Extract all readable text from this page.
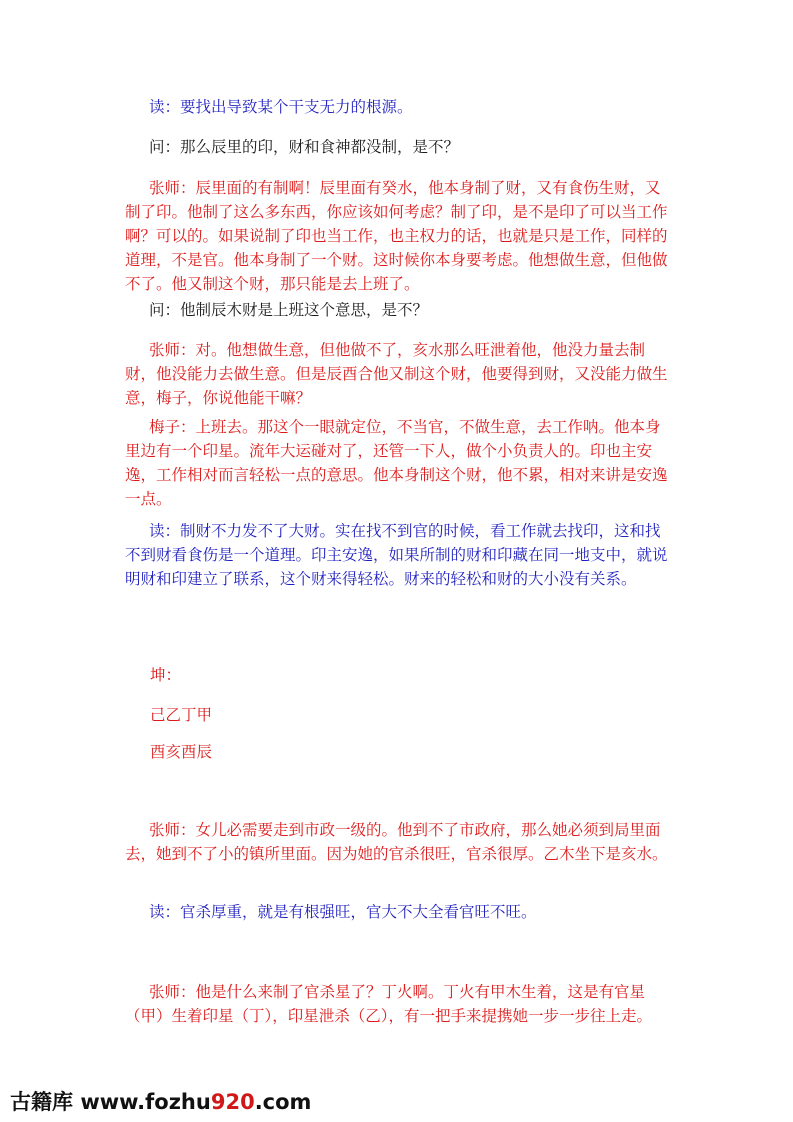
读：要找出导致某个干支无力的根源。

问：那么辰里的印，财和食神都没制，是不？

张师：辰里面的有制啊！辰里面有癸水，他本身制了财，又有食伤生财，又制了印。他制了这么多东西，你应该如何考虑？制了印，是不是印了可以当工作啊？可以的。如果说制了印也当工作，也主权力的话，也就是只是工作，同样的道理，不是官。他本身制了一个财。这时候你本身要考虑。他想做生意，但他做不了。他又制这个财，那只能是去上班了。

问：他制辰木财是上班这个意思，是不？

张师：对。他想做生意，但他做不了，亥水那么旺泄着他，他没力量去制财，他没能力去做生意。但是辰酉合他又制这个财，他要得到财，又没能力做生意，梅子，你说他能干嘛？

梅子：上班去。那这个一眼就定位，不当官，不做生意，去工作呐。他本身里边有一个印星。流年大运碰对了，还管一下人，做个小负责人的。印也主安逸，工作相对而言轻松一点的意思。他本身制这个财，他不累，相对来讲是安逸一点。

读：制财不力发不了大财。实在找不到官的时候，看工作就去找印，这和找不到财看食伤是一个道理。印主安逸，如果所制的财和印藏在同一地支中，就说明财和印建立了联系，这个财来得轻松。财来的轻松和财的大小没有关系。

坤：

己乙丁甲

酉亥酉辰

张师：女儿必需要走到市政一级的。他到不了市政府，那么她必须到局里面去，她到不了小的镇所里面。因为她的官杀很旺，官杀很厚。乙木坐下是亥水。

读：官杀厚重，就是有根强旺，官大不大全看官旺不旺。

张师：他是什么来制了官杀星了？丁火啊。丁火有甲木生着，这是有官星（甲）生着印星（丁），印星泄杀（乙），有一把手来提携她一步一步往上走。

古籍库 www.fozhu920.com
